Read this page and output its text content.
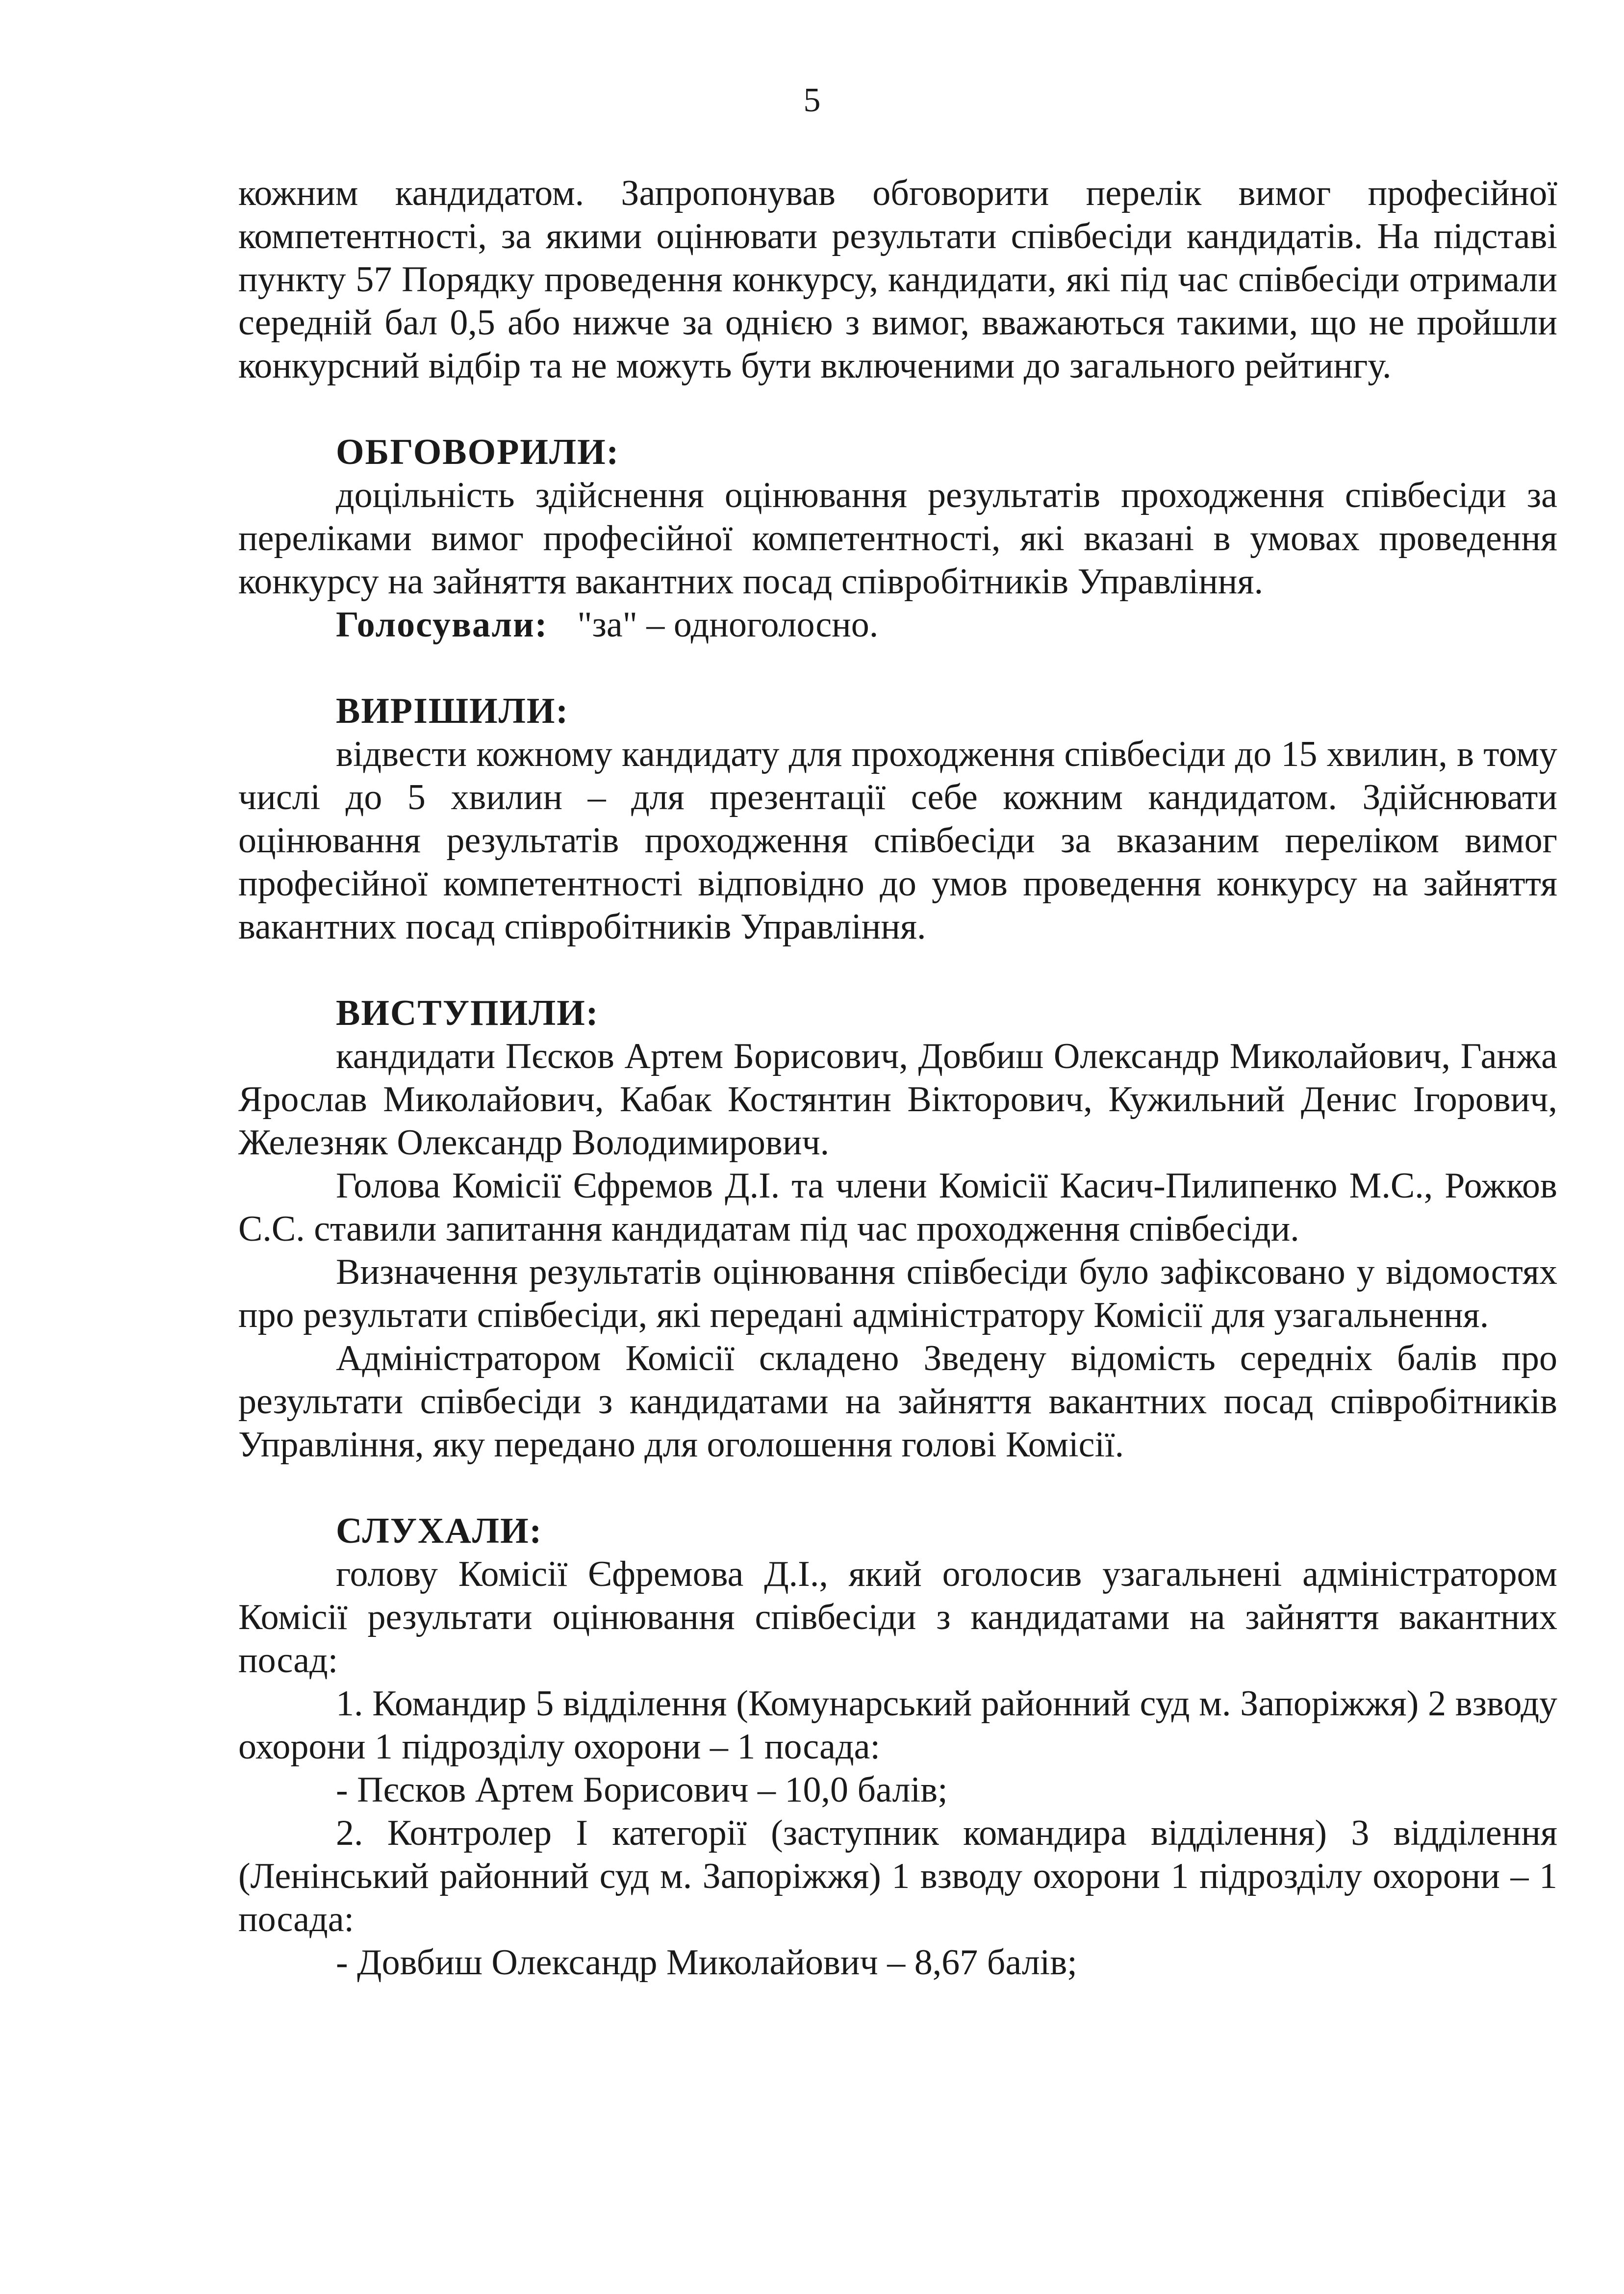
5

кожним кандидатом. Запропонував обговорити перелік вимог професійної компетентності, за якими оцінювати результати співбесіди кандидатів. На підставі пункту 57 Порядку проведення конкурсу, кандидати, які під час співбесіди отримали середній бал 0,5 або нижче за однією з вимог, вважаються такими, що не пройшли конкурсний відбір та не можуть бути включеними до загального рейтингу.

ОБГОВОРИЛИ:

доцільність здійснення оцінювання результатів проходження співбесіди за переліками вимог професійної компетентності, які вказані в умовах проведення конкурсу на зайняття вакантних посад співробітників Управління.

Голосували: "за" – одноголосно.

ВИРІШИЛИ:

відвести кожному кандидату для проходження співбесіди до 15 хвилин, в тому числі до 5 хвилин – для презентації себе кожним кандидатом. Здійснювати оцінювання результатів проходження співбесіди за вказаним переліком вимог професійної компетентності відповідно до умов проведення конкурсу на зайняття вакантних посад співробітників Управління.

ВИСТУПИЛИ:

кандидати Пєсков Артем Борисович, Довбиш Олександр Миколайович, Ганжа Ярослав Миколайович, Кабак Костянтин Вікторович, Кужильний Денис Ігорович, Железняк Олександр Володимирович.

Голова Комісії Єфремов Д.І. та члени Комісії Касич-Пилипенко М.С., Рожков С.С. ставили запитання кандидатам під час проходження співбесіди.

Визначення результатів оцінювання співбесіди було зафіксовано у відомостях про результати співбесіди, які передані адміністратору Комісії для узагальнення.

Адміністратором Комісії складено Зведену відомість середніх балів про результати співбесіди з кандидатами на зайняття вакантних посад співробітників Управління, яку передано для оголошення голові Комісії.

СЛУХАЛИ:

голову Комісії Єфремова Д.І., який оголосив узагальнені адміністратором Комісії результати оцінювання співбесіди з кандидатами на зайняття вакантних посад:

1. Командир 5 відділення (Комунарський районний суд м. Запоріжжя) 2 взводу охорони 1 підрозділу охорони – 1 посада:

- Пєсков Артем Борисович – 10,0 балів;

2. Контролер І категорії (заступник командира відділення) 3 відділення (Ленінський районний суд м. Запоріжжя) 1 взводу охорони 1 підрозділу охорони – 1 посада:

- Довбиш Олександр Миколайович – 8,67 балів;
